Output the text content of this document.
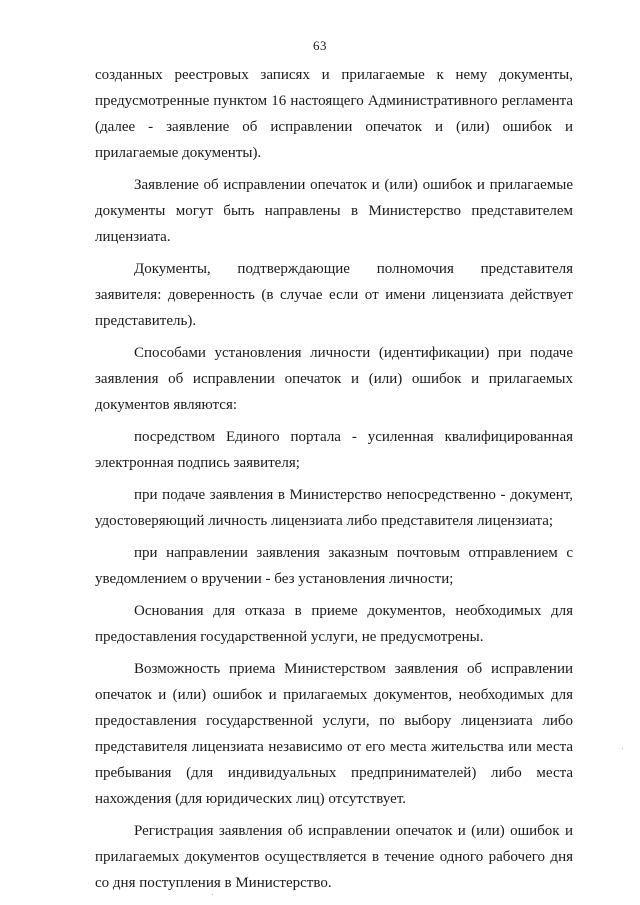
63

созданных реестровых записях и прилагаемые к нему документы, предусмотренные пунктом 16 настоящего Административного регламента (далее - заявление об исправлении опечаток и (или) ошибок и прилагаемые документы).

Заявление об исправлении опечаток и (или) ошибок и прилагаемые документы могут быть направлены в Министерство представителем лицензиата.

Документы, подтверждающие полномочия представителя заявителя: доверенность (в случае если от имени лицензиата действует представитель).

Способами установления личности (идентификации) при подаче заявления об исправлении опечаток и (или) ошибок и прилагаемых документов являются:

посредством Единого портала - усиленная квалифицированная электронная подпись заявителя;

при подаче заявления в Министерство непосредственно - документ, удостоверяющий личность лицензиата либо представителя лицензиата;

при направлении заявления заказным почтовым отправлением с уведомлением о вручении - без установления личности;

Основания для отказа в приеме документов, необходимых для предоставления государственной услуги, не предусмотрены.

Возможность приема Министерством заявления об исправлении опечаток и (или) ошибок и прилагаемых документов, необходимых для предоставления государственной услуги, по выбору лицензиата либо представителя лицензиата независимо от его места жительства или места пребывания (для индивидуальных предпринимателей) либо места нахождения (для юридических лиц) отсутствует.

Регистрация заявления об исправлении опечаток и (или) ошибок и прилагаемых документов осуществляется в течение одного рабочего дня со дня поступления в Министерство.
